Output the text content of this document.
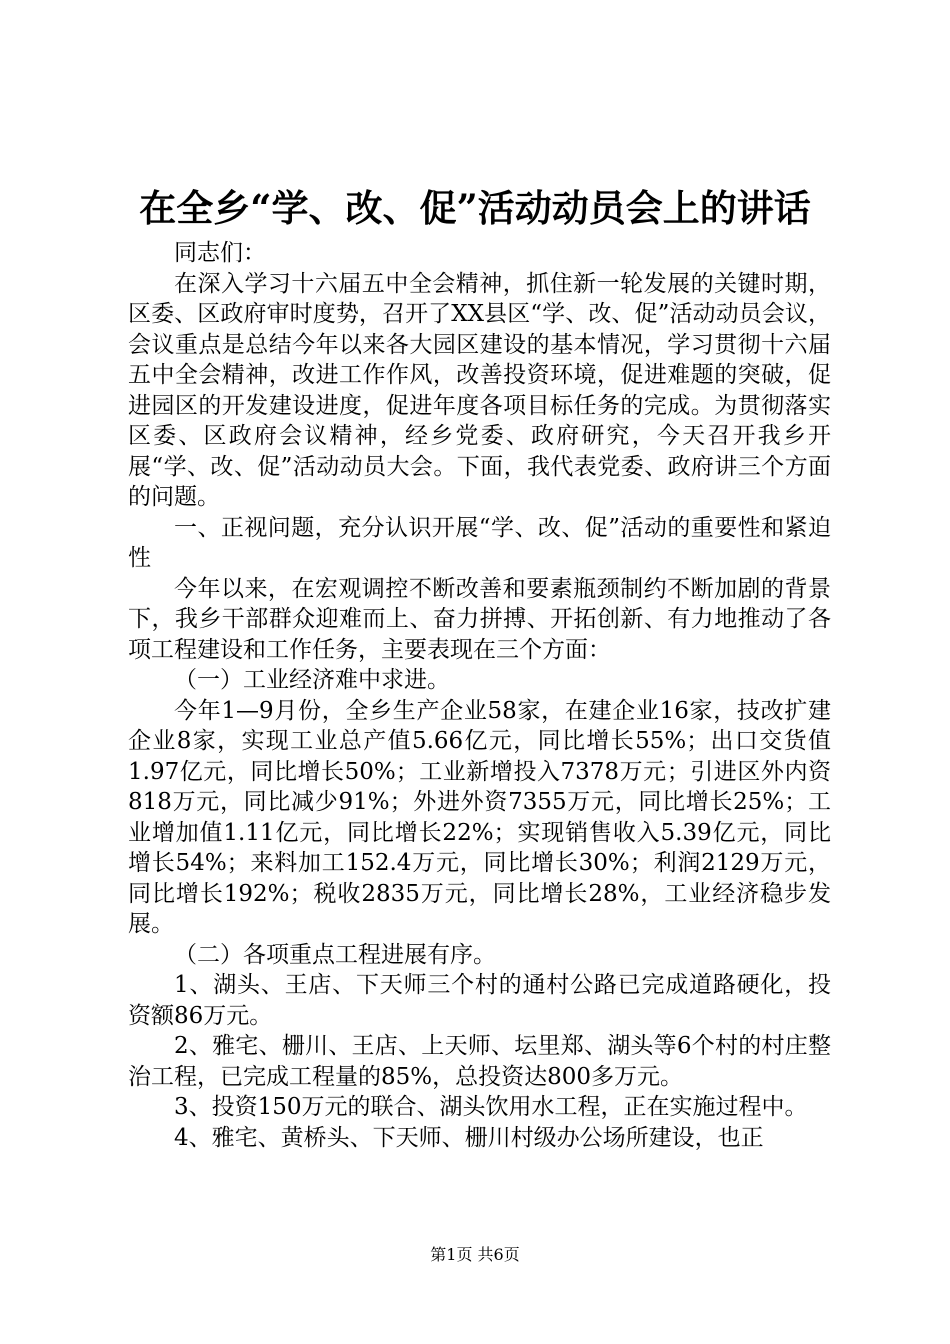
在全乡“学、改、促”活动动员会上的讲话

同志们：

在深入学习十六届五中全会精神，抓住新一轮发展的关键时期，区委、区政府审时度势，召开了XX县区“学、改、促”活动动员会议，会议重点是总结今年以来各大园区建设的基本情况，学习贯彻十六届五中全会精神，改进工作作风，改善投资环境，促进难题的突破，促进园区的开发建设进度，促进年度各项目标任务的完成。为贯彻落实区委、区政府会议精神，经乡党委、政府研究，今天召开我乡开展“学、改、促”活动动员大会。下面，我代表党委、政府讲三个方面的问题。

一、正视问题，充分认识开展“学、改、促”活动的重要性和紧迫性

今年以来，在宏观调控不断改善和要素瓶颈制约不断加剧的背景下，我乡干部群众迎难而上、奋力拼搏、开拓创新、有力地推动了各项工程建设和工作任务，主要表现在三个方面：

（一）工业经济难中求进。

今年1—9月份，全乡生产企业58家，在建企业16家，技改扩建企业8家，实现工业总产值5.66亿元，同比增长55%；出口交货值1.97亿元，同比增长50%；工业新增投入7378万元；引进区外内资818万元，同比减少91%；外进外资7355万元，同比增长25%；工业增加值1.11亿元，同比增长22%；实现销售收入5.39亿元，同比增长54%；来料加工152.4万元，同比增长30%；利润2129万元，同比增长192%；税收2835万元，同比增长28%，工业经济稳步发展。

（二）各项重点工程进展有序。

1、湖头、王店、下天师三个村的通村公路已完成道路硬化，投资额86万元。

2、雅宅、栅川、王店、上天师、坛里郑、湖头等6个村的村庄整治工程，已完成工程量的85%，总投资达800多万元。

3、投资150万元的联合、湖头饮用水工程，正在实施过程中。

4、雅宅、黄桥头、下天师、栅川村级办公场所建设，也正

第1页 共6页
